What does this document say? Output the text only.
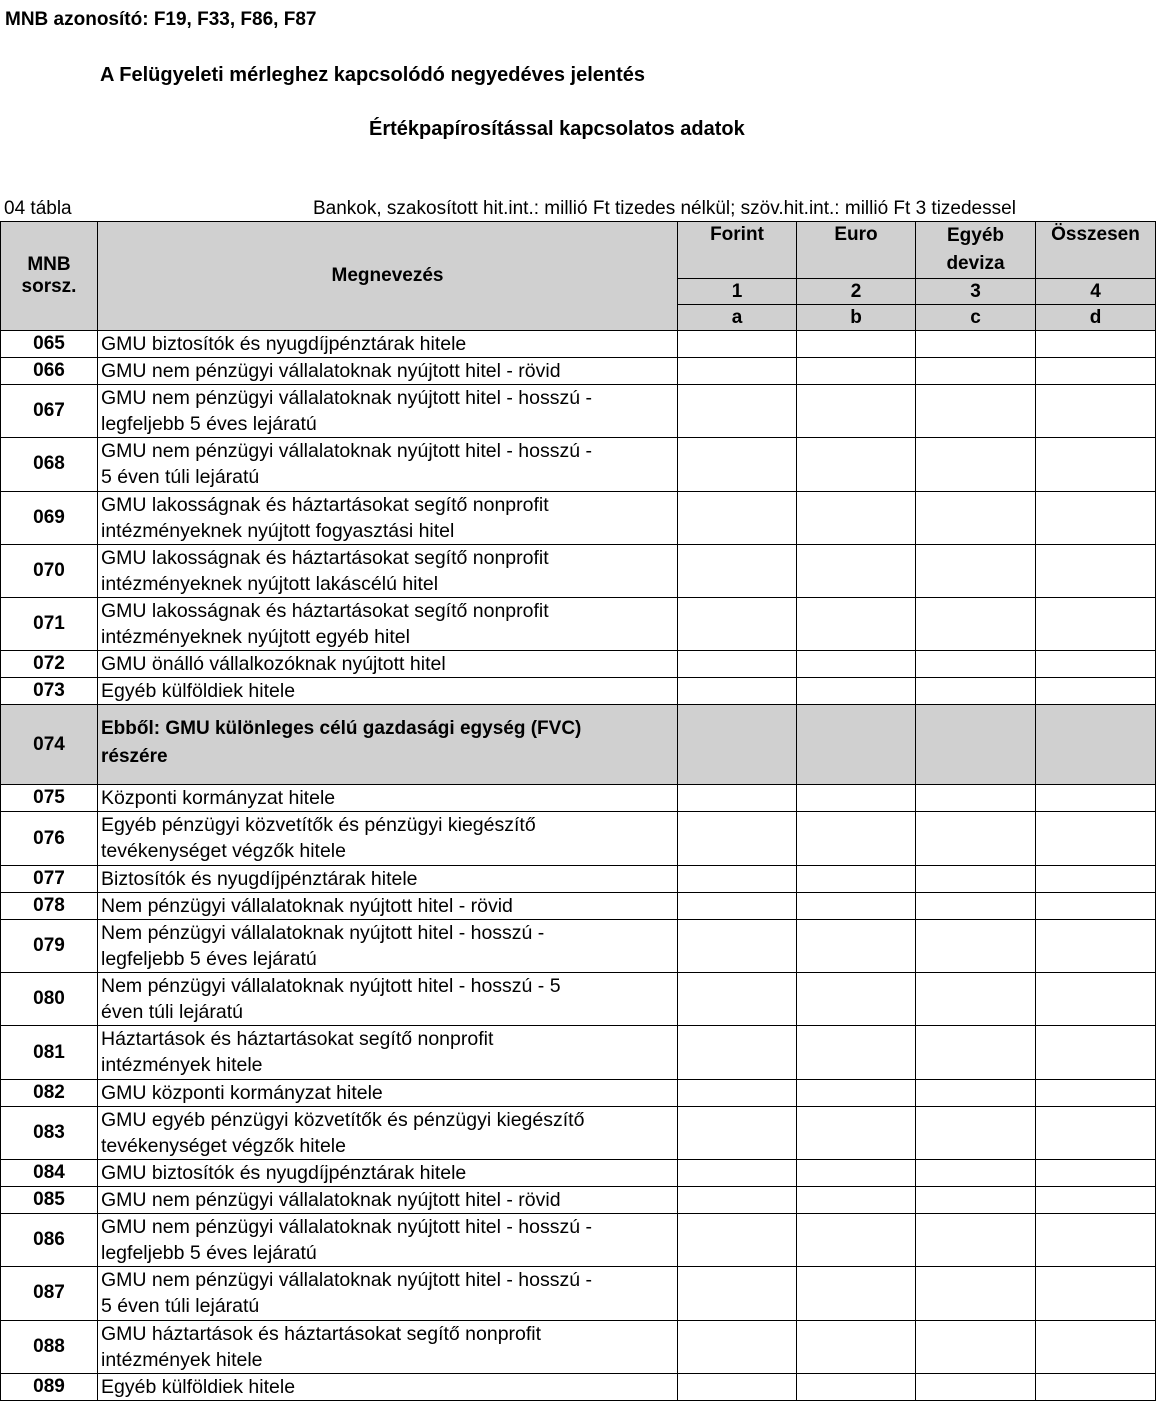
MNB azonosító: F19, F33, F86, F87
A Felügyeleti mérleghez kapcsolódó negyedéves jelentés
Értékpapírosítással kapcsolatos adatok
04 tábla	Bankok, szakosított hit.int.: millió Ft tizedes nélkül; szöv.hit.int.: millió Ft 3 tizedessel
MNB sorsz.	Megnevezés	Forint	Euro	Egyéb deviza	Összesen
		1	2	3	4
		a	b	c	d
065	GMU biztosítók és nyugdíjpénztárak hitele				

066	GMU nem pénzügyi vállalatoknak nyújtott hitel - rövid				

067	GMU nem pénzügyi vállalatoknak nyújtott hitel - hosszú -
legfeljebb 5 éves lejáratú				

068	GMU nem pénzügyi vállalatoknak nyújtott hitel - hosszú -
5 éven túli lejáratú				

069	GMU lakosságnak és háztartásokat segítő nonprofit
intézményeknek nyújtott fogyasztási hitel				

070	GMU lakosságnak és háztartásokat segítő nonprofit
intézményeknek nyújtott lakáscélú hitel				

071	GMU lakosságnak és háztartásokat segítő nonprofit
intézményeknek nyújtott egyéb hitel				

072	GMU önálló vállalkozóknak nyújtott hitel				

073	Egyéb külföldiek hitele				

074	Ebből: GMU különleges célú gazdasági egység (FVC)
részére				

075	Központi kormányzat hitele				

076	Egyéb pénzügyi közvetítők és pénzügyi kiegészítő
tevékenységet végzők hitele				

077	Biztosítók és nyugdíjpénztárak hitele				

078	Nem pénzügyi vállalatoknak nyújtott hitel - rövid				

079	Nem pénzügyi vállalatoknak nyújtott hitel - hosszú -
legfeljebb 5 éves lejáratú				

080	Nem pénzügyi vállalatoknak nyújtott hitel - hosszú - 5
éven túli lejáratú				

081	Háztartások és háztartásokat segítő nonprofit
intézmények hitele				

082	GMU központi kormányzat hitele				

083	GMU egyéb pénzügyi közvetítők és pénzügyi kiegészítő
tevékenységet végzők hitele				

084	GMU biztosítók és nyugdíjpénztárak hitele				

085	GMU nem pénzügyi vállalatoknak nyújtott hitel - rövid				

086	GMU nem pénzügyi vállalatoknak nyújtott hitel - hosszú -
legfeljebb 5 éves lejáratú				

087	GMU nem pénzügyi vállalatoknak nyújtott hitel - hosszú -
5 éven túli lejáratú				

088	GMU háztartások és háztartásokat segítő nonprofit
intézmények hitele				

089	Egyéb külföldiek hitele				
